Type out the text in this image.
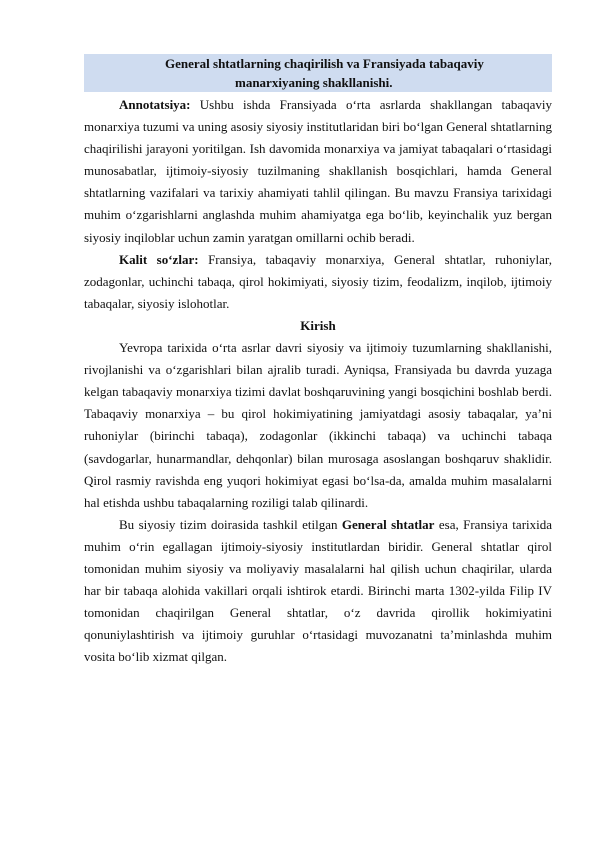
General shtatlarning chaqirilish va Fransiyada tabaqaviy
manarxiyaning shakllanishi.

Annotatsiya: Ushbu ishda Fransiyada o‘rta asrlarda shakllangan tabaqaviy monarxiya tuzumi va uning asosiy siyosiy institutlaridan biri bo‘lgan General shtatlarning chaqirilishi jarayoni yoritilgan. Ish davomida monarxiya va jamiyat tabaqalari o‘rtasidagi munosabatlar, ijtimoiy-siyosiy tuzilmaning shakllanish bosqichlari, hamda General shtatlarning vazifalari va tarixiy ahamiyati tahlil qilingan. Bu mavzu Fransiya tarixidagi muhim o‘zgarishlarni anglashda muhim ahamiyatga ega bo‘lib, keyinchalik yuz bergan siyosiy inqiloblar uchun zamin yaratgan omillarni ochib beradi.

Kalit so‘zlar: Fransiya, tabaqaviy monarxiya, General shtatlar, ruhoniylar, zodagonlar, uchinchi tabaqa, qirol hokimiyati, siyosiy tizim, feodalizm, inqilob, ijtimoiy tabaqalar, siyosiy islohotlar.

Kirish

Yevropa tarixida o‘rta asrlar davri siyosiy va ijtimoiy tuzumlarning shakllanishi, rivojlanishi va o‘zgarishlari bilan ajralib turadi. Ayniqsa, Fransiyada bu davrda yuzaga kelgan tabaqaviy monarxiya tizimi davlat boshqaruvining yangi bosqichini boshlab berdi. Tabaqaviy monarxiya – bu qirol hokimiyatining jamiyatdagi asosiy tabaqalar, ya’ni ruhoniylar (birinchi tabaqa), zodagonlar (ikkinchi tabaqa) va uchinchi tabaqa (savdogarlar, hunarmandlar, dehqonlar) bilan murosaga asoslangan boshqaruv shaklidir. Qirol rasmiy ravishda eng yuqori hokimiyat egasi bo‘lsa-da, amalda muhim masalalarni hal etishda ushbu tabaqalarning roziligi talab qilinardi.

Bu siyosiy tizim doirasida tashkil etilgan General shtatlar esa, Fransiya tarixida muhim o‘rin egallagan ijtimoiy-siyosiy institutlardan biridir. General shtatlar qirol tomonidan muhim siyosiy va moliyaviy masalalarni hal qilish uchun chaqirilar, ularda har bir tabaqa alohida vakillari orqali ishtirok etardi. Birinchi marta 1302-yilda Filip IV tomonidan chaqirilgan General shtatlar, o‘z davrida qirollik hokimiyatini qonuniylashtirish va ijtimoiy guruhlar o‘rtasidagi muvozanatni ta’minlashda muhim vosita bo‘lib xizmat qilgan.
